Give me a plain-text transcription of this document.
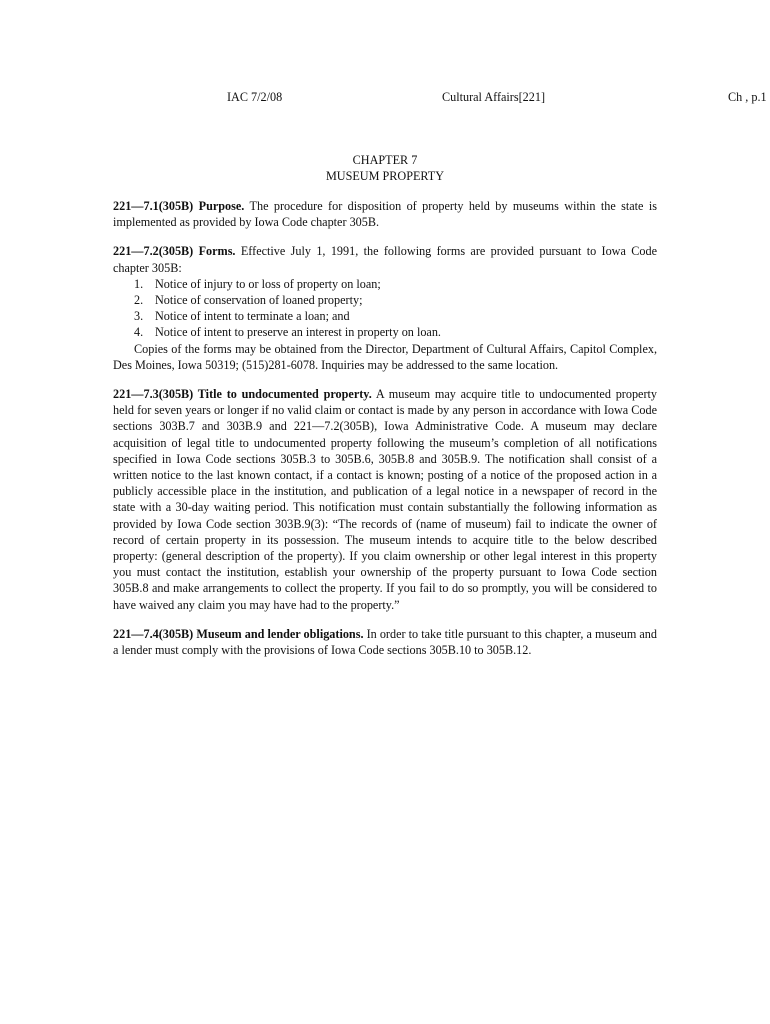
IAC 7/2/08	Cultural Affairs[221]	Ch , p.1
CHAPTER 7
MUSEUM PROPERTY

221—7.1(305B) Purpose. The procedure for disposition of property held by museums within the state is implemented as provided by Iowa Code chapter 305B.

221—7.2(305B) Forms. Effective July 1, 1991, the following forms are provided pursuant to Iowa Code chapter 305B:

1. Notice of injury to or loss of property on loan;
2. Notice of conservation of loaned property;
3. Notice of intent to terminate a loan; and
4. Notice of intent to preserve an interest in property on loan.

Copies of the forms may be obtained from the Director, Department of Cultural Affairs, Capitol Complex, Des Moines, Iowa 50319; (515)281-6078. Inquiries may be addressed to the same location.

221—7.3(305B) Title to undocumented property. A museum may acquire title to undocumented property held for seven years or longer if no valid claim or contact is made by any person in accordance with Iowa Code sections 303B.7 and 303B.9 and 221—7.2(305B), Iowa Administrative Code. A museum may declare acquisition of legal title to undocumented property following the museum’s completion of all notifications specified in Iowa Code sections 305B.3 to 305B.6, 305B.8 and 305B.9. The notification shall consist of a written notice to the last known contact, if a contact is known; posting of a notice of the proposed action in a publicly accessible place in the institution, and publication of a legal notice in a newspaper of record in the state with a 30-day waiting period. This notification must contain substantially the following information as provided by Iowa Code section 303B.9(3): “The records of (name of museum) fail to indicate the owner of record of certain property in its possession. The museum intends to acquire title to the below described property: (general description of the property). If you claim ownership or other legal interest in this property you must contact the institution, establish your ownership of the property pursuant to Iowa Code section 305B.8 and make arrangements to collect the property. If you fail to do so promptly, you will be considered to have waived any claim you may have had to the property.”

221—7.4(305B) Museum and lender obligations. In order to take title pursuant to this chapter, a museum and a lender must comply with the provisions of Iowa Code sections 305B.10 to 305B.12.
